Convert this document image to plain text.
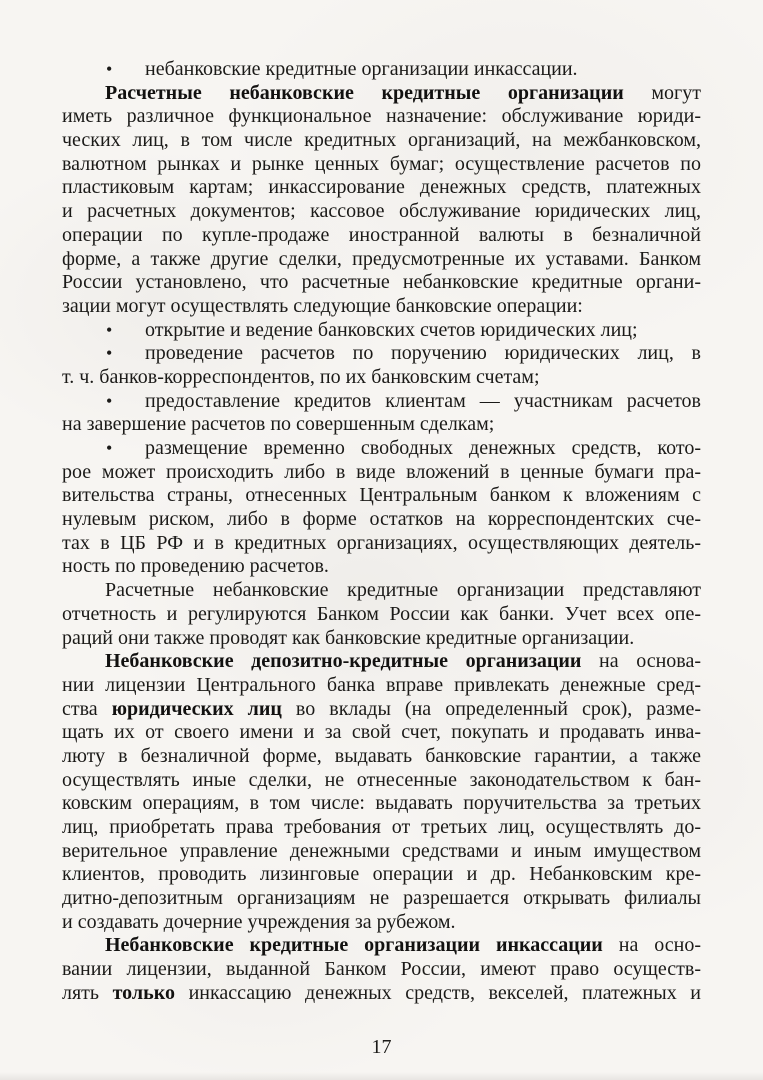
• небанковские кредитные организации инкассации.
Расчетные небанковские кредитные организации могут
иметь различное функциональное назначение: обслуживание юриди-
ческих лиц, в том числе кредитных организаций, на межбанковском,
валютном рынках и рынке ценных бумаг; осуществление расчетов по
пластиковым картам; инкассирование денежных средств, платежных
и расчетных документов; кассовое обслуживание юридических лиц,
операции по купле-продаже иностранной валюты в безналичной
форме, а также другие сделки, предусмотренные их уставами. Банком
России установлено, что расчетные небанковские кредитные органи-
зации могут осуществлять следующие банковские операции:
• открытие и ведение банковских счетов юридических лиц;
• проведение расчетов по поручению юридических лиц, в
т. ч. банков-корреспондентов, по их банковским счетам;
• предоставление кредитов клиентам — участникам расчетов
на завершение расчетов по совершенным сделкам;
• размещение временно свободных денежных средств, кото-
рое может происходить либо в виде вложений в ценные бумаги пра-
вительства страны, отнесенных Центральным банком к вложениям с
нулевым риском, либо в форме остатков на корреспондентских сче-
тах в ЦБ РФ и в кредитных организациях, осуществляющих деятель-
ность по проведению расчетов.
Расчетные небанковские кредитные организации представляют
отчетность и регулируются Банком России как банки. Учет всех опе-
раций они также проводят как банковские кредитные организации.
Небанковские депозитно-кредитные организации на основа-
нии лицензии Центрального банка вправе привлекать денежные сред-
ства юридических лиц во вклады (на определенный срок), разме-
щать их от своего имени и за свой счет, покупать и продавать инва-
люту в безналичной форме, выдавать банковские гарантии, а также
осуществлять иные сделки, не отнесенные законодательством к бан-
ковским операциям, в том числе: выдавать поручительства за третьих
лиц, приобретать права требования от третьих лиц, осуществлять до-
верительное управление денежными средствами и иным имуществом
клиентов, проводить лизинговые операции и др. Небанковским кре-
дитно-депозитным организациям не разрешается открывать филиалы
и создавать дочерние учреждения за рубежом.
Небанковские кредитные организации инкассации на осно-
вании лицензии, выданной Банком России, имеют право осуществ-
лять только инкассацию денежных средств, векселей, платежных и
17
